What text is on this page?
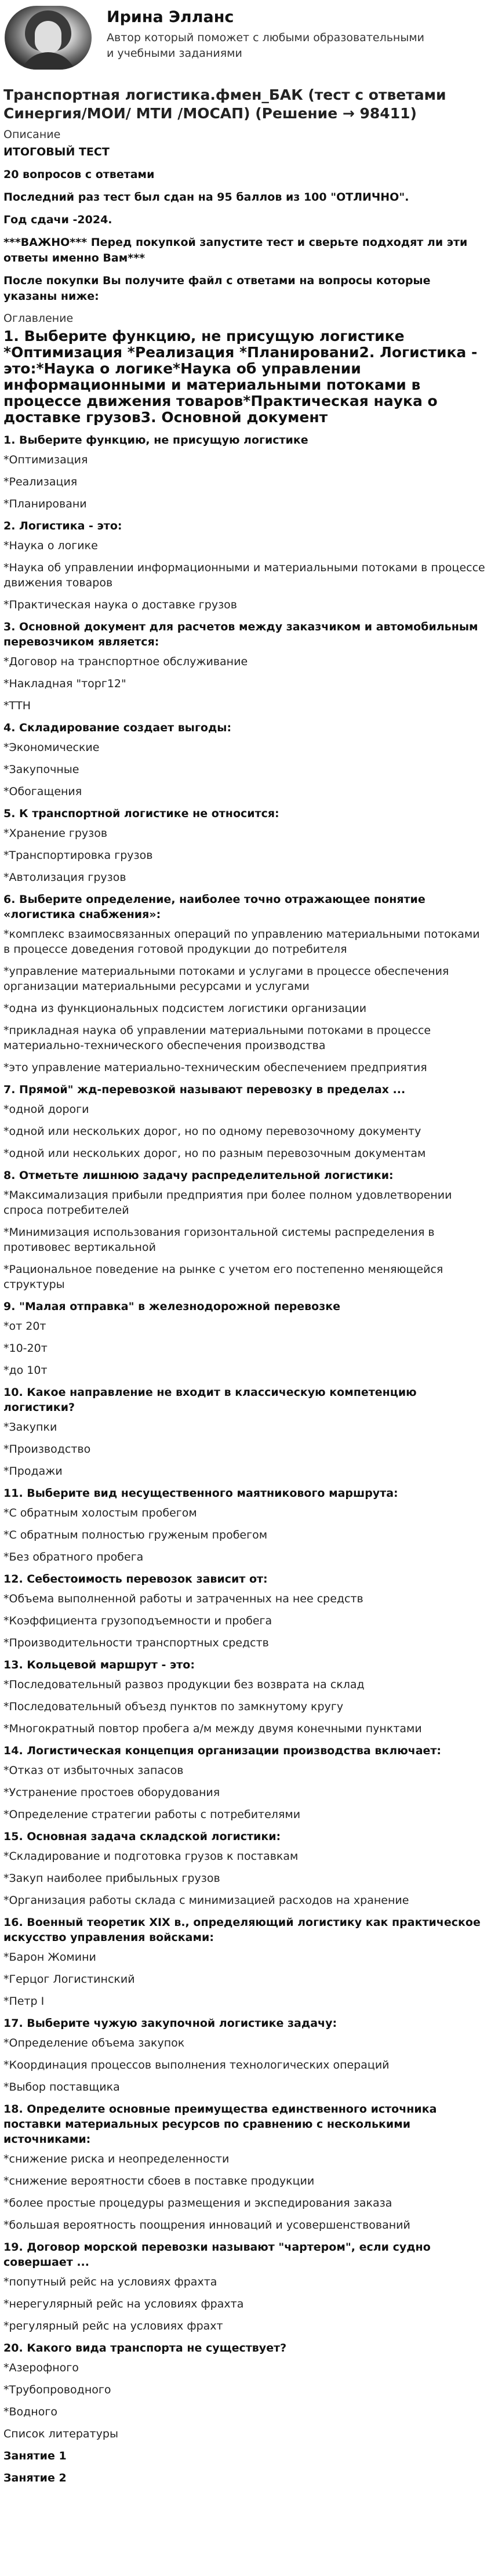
Ирина Элланс
Автор который поможет с любыми образовательными и учебными заданиями
Транспортная логистика.фмен_БАК (тест с ответами Синергия/МОИ/ МТИ /МОСАП) (Решение → 98411)
Описание

ИТОГОВЫЙ ТЕСТ

20 вопросов с ответами

Последний раз тест был сдан на 95 баллов из 100 "ОТЛИЧНО".

Год сдачи -2024.

***ВАЖНО*** Перед покупкой запустите тест и сверьте подходят ли эти ответы именно Вам***

После покупки Вы получите файл с ответами на вопросы которые указаны ниже:

Оглавление
1. Выберите функцию, не присущую логистике *Оптимизация *Реализация *Планировани2. Логистика - это:*Наука о логике*Наука об управлении информационными и материальными потоками в процессе движения товаров*Практическая наука о доставке грузов3. Основной документ
1. Выберите функцию, не присущую логистике
*Оптимизация
*Реализация
*Планировани
2. Логистика - это:
*Наука о логике
*Наука об управлении информационными и материальными потоками в процессе движения товаров
*Практическая наука о доставке грузов
3. Основной документ для расчетов между заказчиком и автомобильным перевозчиком является:
*Договор на транспортное обслуживание
*Накладная "торг12"
*ТТН
4. Складирование создает выгоды:
*Экономические
*Закупочные
*Обогащения
5. К транспортной логистике не относится:
*Хранение грузов
*Транспортировка грузов
*Автолизация грузов
6. Выберите определение, наиболее точно отражающее понятие «логистика снабжения»:
*комплекс взаимосвязанных операций по управлению материальными потоками в процессе доведения готовой продукции до потребителя
*управление материальными потоками и услугами в процессе обеспечения организации материальными ресурсами и услугами
*одна из функциональных подсистем логистики организации
*прикладная наука об управлении материальными потоками в процессе материально-технического обеспечения производства
*это управление материально-техническим обеспечением предприятия
7. Прямой" жд-перевозкой называют перевозку в пределах ...
*одной дороги
*одной или нескольких дорог, но по одному перевозочному документу
*одной или нескольких дорог, но по разным перевозочным документам
8. Отметьте лишнюю задачу распределительной логистики:
*Максимализация прибыли предприятия при более полном удовлетворении спроса потребителей
*Минимизация использования горизонтальной системы распределения в противовес вертикальной
*Рациональное поведение на рынке с учетом его постепенно меняющейся структуры
9. "Малая отправка" в железнодорожной перевозке
*от 20т
*10-20т
*до 10т
10. Какое направление не входит в классическую компетенцию логистики?
*Закупки
*Производство
*Продажи
11. Выберите вид несущественного маятникового маршрута:
*С обратным холостым пробегом
*С обратным полностью груженым пробегом
*Без обратного пробега
12. Себестоимость перевозок зависит от:
*Объема выполненной работы и затраченных на нее средств
*Коэффициента грузоподъемности и пробега
*Производительности транспортных средств
13. Кольцевой маршрут - это:
*Последовательный развоз продукции без возврата на склад
*Последовательный объезд пунктов по замкнутому кругу
*Многократный повтор пробега а/м между двумя конечными пунктами
14. Логистическая концепция организации производства включает:
*Отказ от избыточных запасов
*Устранение простоев оборудования
*Определение стратегии работы с потребителями
15. Основная задача складской логистики:
*Складирование и подготовка грузов к поставкам
*Закуп наиболее прибыльных грузов
*Организация работы склада с минимизацией расходов на хранение
16. Военный теоретик XIX в., определяющий логистику как практическое искусство управления войсками:
*Барон Жомини
*Герцог Логистинский
*Петр I
17. Выберите чужую закупочной логистике задачу:
*Определение объема закупок
*Координация процессов выполнения технологических операций
*Выбор поставщика
18. Определите основные преимущества единственного источника поставки материальных ресурсов по сравнению с несколькими источниками:
*снижение риска и неопределенности
*снижение вероятности сбоев в поставке продукции
*более простые процедуры размещения и экспедирования заказа
*большая вероятность поощрения инноваций и усовершенствований
19. Договор морской перевозки называют "чартером", если судно совершает ...
*попутный рейс на условиях фрахта
*нерегулярный рейс на условиях фрахта
*регулярный рейс на условиях фрахт
20. Какого вида транспорта не существует?
*Азерофного
*Трубопроводного
*Водного
Список литературы
Занятие 1
Занятие 2
